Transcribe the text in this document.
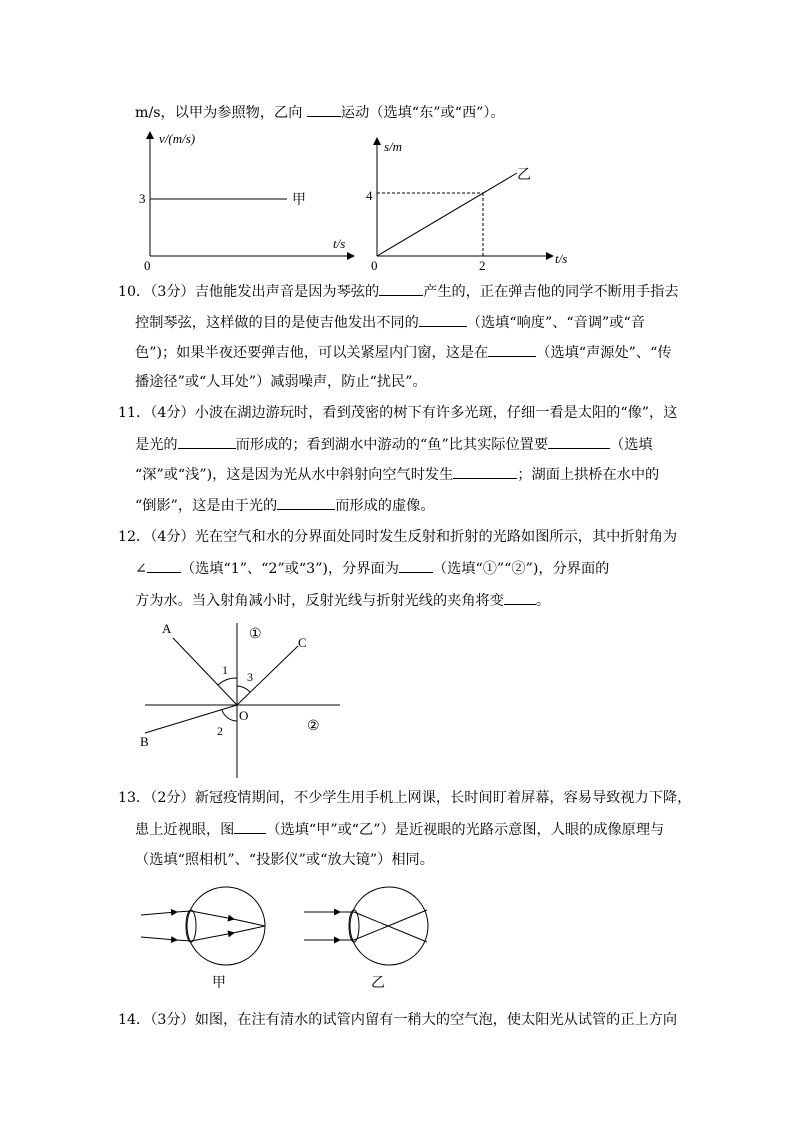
m/s，以甲为参照物，乙向 运动（选填“东”或“西”）。
v/(m/s)
t/s
0
3	甲
s/m
t/s
0
4
2
乙
10．（3分）吉他能发出声音是因为琴弦的	产生的，正在弹吉他的同学不断用手指去
控制琴弦，这样做的目的是使吉他发出不同的	（选填“响度”、“音调”或“音
色”)；如果半夜还要弹吉他，可以关紧屋内门窗，这是在	（选填“声源处”、“传
播途径”或“人耳处”）减弱噪声，防止“扰民”。
11．（4分）小波在湖边游玩时，看到茂密的树下有许多光斑，仔细一看是太阳的“像”，这
是光的	而形成的；看到湖水中游动的“鱼”比其实际位置要	（选填
“深”或“浅”)，这是因为光从水中斜射向空气时发生	；湖面上拱桥在水中的
“倒影”，这是由于光的	而形成的虚像。
12．（4分）光在空气和水的分界面处同时发生反射和折射的光路如图所示，其中折射角为
∠ （选填“1”、“2”或“3”)，分界面为 （选填“①”“②”)，分界面的
方为水。当入射角减小时，反射光线与折射光线的夹角将变 。
A
C
B
O
1 3
2
①
②
13．（2分）新冠疫情期间，不少学生用手机上网课，长时间盯着屏幕，容易导致视力下降，
患上近视眼，图 （选填“甲”或“乙”）是近视眼的光路示意图，人眼的成像原理与
（选填“照相机”、“投影仪”或“放大镜”）相同。
甲	乙
14．（3分）如图，在注有清水的试管内留有一稍大的空气泡，使太阳光从试管的正上方向
